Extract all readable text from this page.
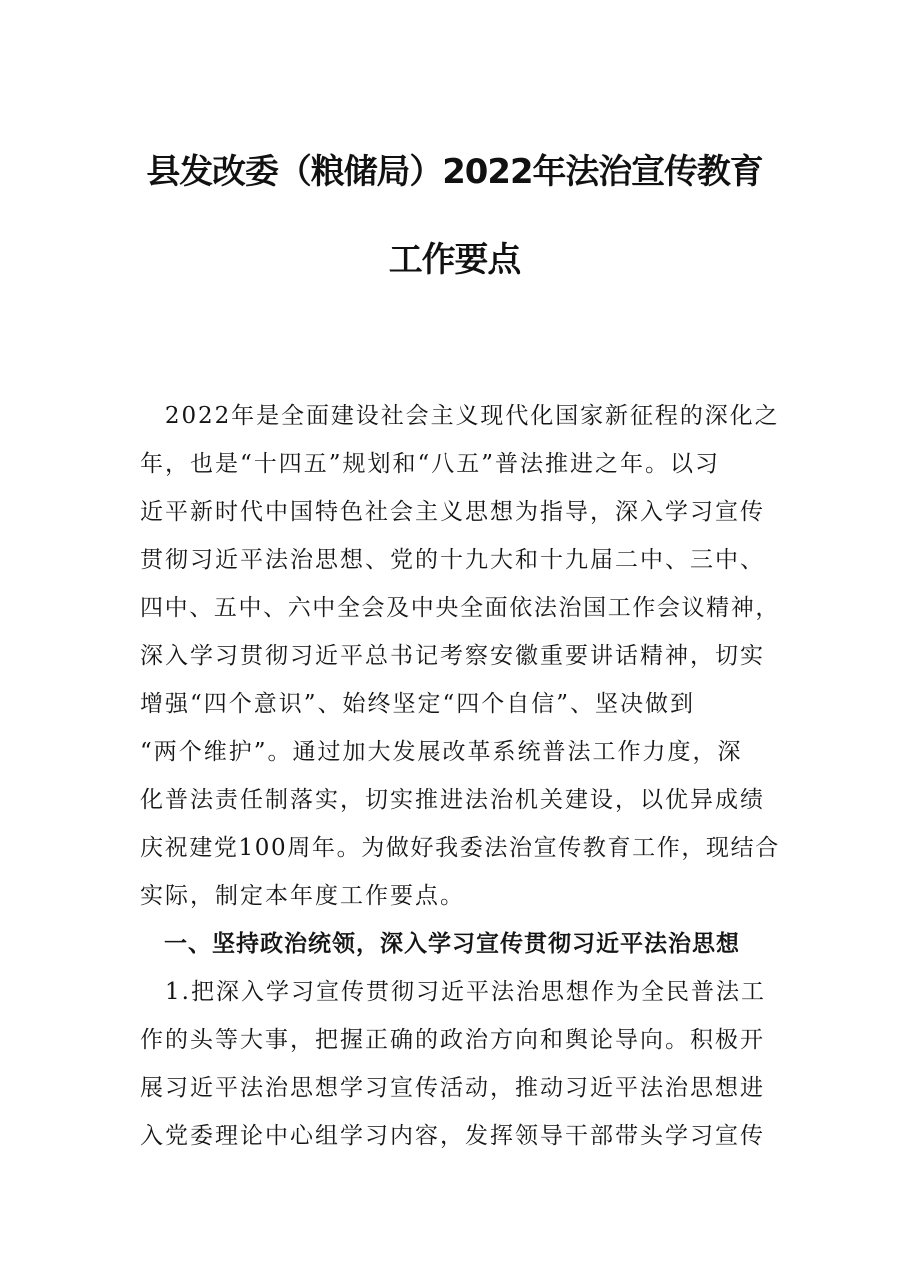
县发改委（粮储局）2022年法治宣传教育
工作要点
　2022年是全面建设社会主义现代化国家新征程的深化之
年，也是“十四五”规划和“八五”普法推进之年。以习
近平新时代中国特色社会主义思想为指导，深入学习宣传
贯彻习近平法治思想、党的十九大和十九届二中、三中、
四中、五中、六中全会及中央全面依法治国工作会议精神，
深入学习贯彻习近平总书记考察安徽重要讲话精神，切实
增强“四个意识”、始终坚定“四个自信”、坚决做到
“两个维护”。通过加大发展改革系统普法工作力度，深
化普法责任制落实，切实推进法治机关建设，以优异成绩
庆祝建党100周年。为做好我委法治宣传教育工作，现结合
实际，制定本年度工作要点。
　一、坚持政治统领，深入学习宣传贯彻习近平法治思想
　1.把深入学习宣传贯彻习近平法治思想作为全民普法工
作的头等大事，把握正确的政治方向和舆论导向。积极开
展习近平法治思想学习宣传活动，推动习近平法治思想进
入党委理论中心组学习内容，发挥领导干部带头学习宣传
